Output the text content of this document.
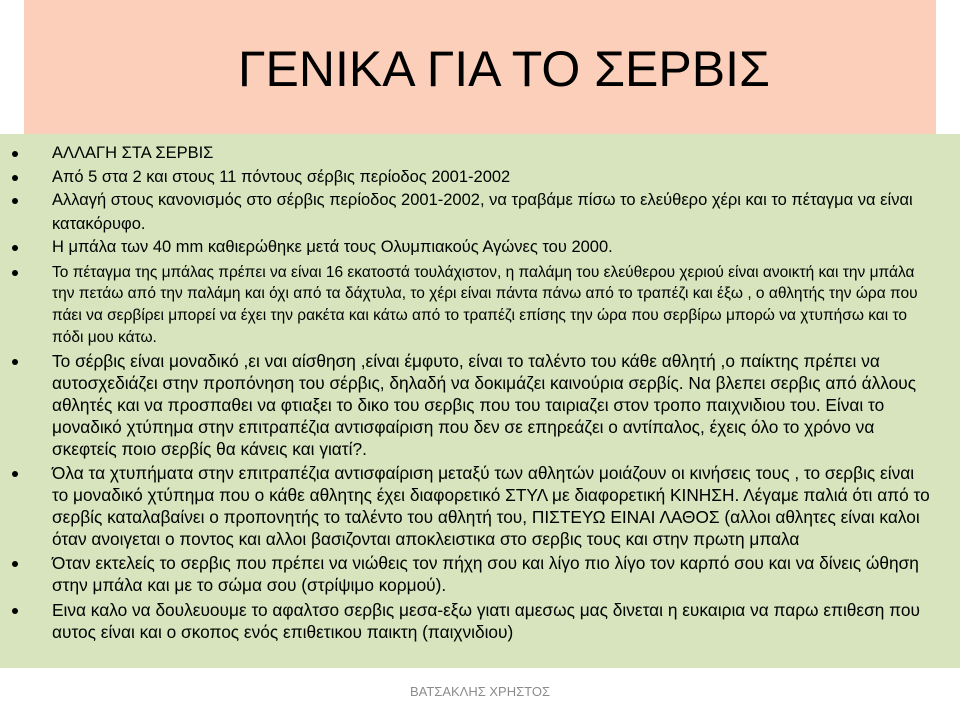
ΓΕΝΙΚΑ ΓΙΑ ΤΟ ΣΕΡΒΙΣ
ΑΛΛΑΓΗ ΣΤΑ ΣΕΡΒΙΣ
Από 5 στα 2 και στους 11 πόντους σέρβις περίοδος 2001-2002
Αλλαγή στους κανονισμός στο σέρβις περίοδος 2001-2002, να τραβάμε πίσω το ελεύθερο χέρι και το πέταγμα να είναι κατακόρυφο.
Η μπάλα των 40 mm καθιερώθηκε μετά τους Ολυμπιακούς Αγώνες του 2000.
Το πέταγμα της μπάλας πρέπει να είναι 16 εκατοστά τουλάχιστον, η παλάμη του ελεύθερου χεριού είναι ανοικτή και την μπάλα την πετάω από την παλάμη και όχι από τα δάχτυλα, το χέρι είναι πάντα πάνω από το τραπέζι και έξω , ο αθλητής την ώρα που πάει να σερβίρει μπορεί να έχει την ρακέτα και κάτω από το τραπέζι επίσης την ώρα που σερβίρω μπορώ να χτυπήσω και το πόδι μου κάτω.
Το σέρβις είναι μοναδικό ,ει ναι αίσθηση ,είναι έμφυτο, είναι το ταλέντο του κάθε αθλητή ,ο παίκτης πρέπει να αυτοσχεδιάζει στην προπόνηση του σέρβις, δηλαδή να δοκιμάζει καινούρια σερβίς. Να βλεπει σερβις από άλλους αθλητές και να προσπαθει να φτιαξει το δικο του σερβις που του ταιριαζει στον τροπο παιχνιδιου του. Είναι το μοναδικό χτύπημα στην επιτραπέζια αντισφαίριση που δεν σε επηρεάζει ο αντίπαλος, έχεις όλο το χρόνο να σκεφτείς ποιο σερβίς θα κάνεις και γιατί?.
Όλα τα χτυπήματα στην επιτραπέζια αντισφαίριση μεταξύ των αθλητών μοιάζουν οι κινήσεις τους , το σερβις είναι το μοναδικό χτύπημα που ο κάθε αθλητης έχει διαφορετικό ΣΤΥΛ με διαφορετική ΚΙΝΗΣΗ. Λέγαμε παλιά ότι από το σερβίς καταλαβαίνει ο προπονητής το ταλέντο του αθλητή του, ΠΙΣΤΕΥΩ ΕΙΝΑΙ ΛΑΘΟΣ (αλλοι αθλητες είναι καλοι όταν ανοιγεται ο ποντος και αλλοι βασιζονται αποκλειστικα στο σερβις τους και στην πρωτη μπαλα
Όταν εκτελείς το σερβις που πρέπει να νιώθεις τον πήχη σου και λίγο πιο λίγο τον καρπό σου και να δίνεις ώθηση στην μπάλα και με το σώμα σου (στρίψιμο κορμού).
Εινα καλο να δουλευουμε το αφαλτσο σερβις μεσα-εξω γιατι αμεσως μας δινεται η ευκαιρια να παρω επιθεση που αυτος είναι και ο σκοπος ενός επιθετικου παικτη (παιχνιδιου)
ΒΑΤΣΑΚΛΗΣ ΧΡΗΣΤΟΣ
